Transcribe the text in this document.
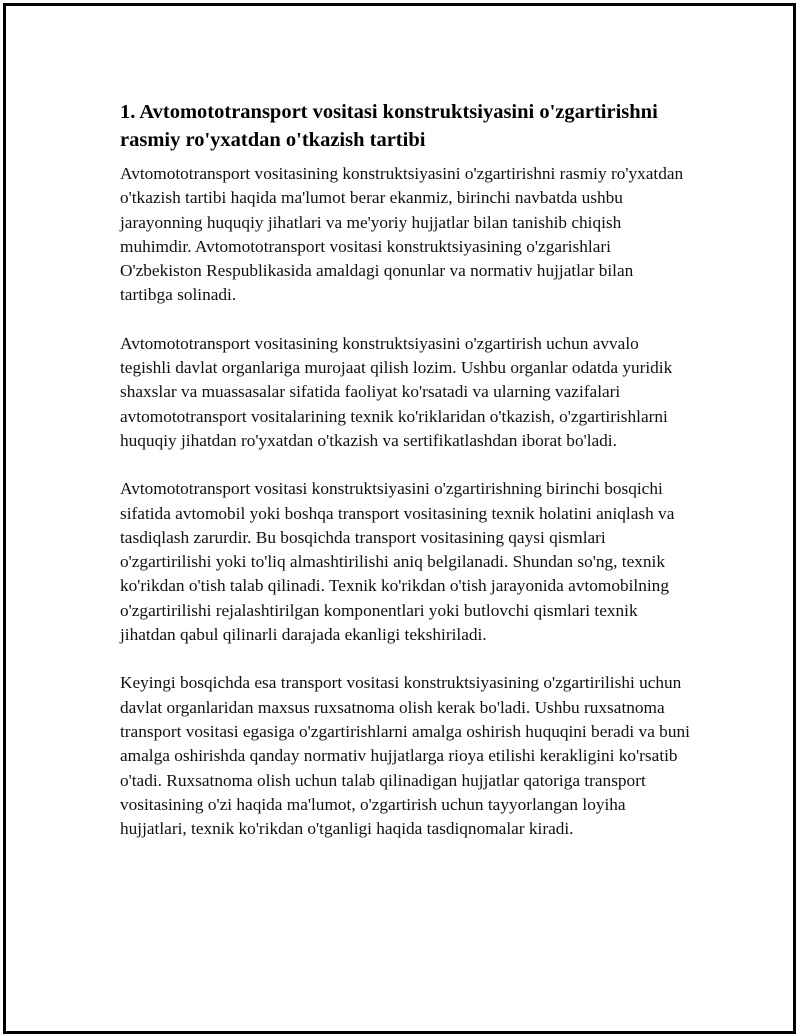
1. Avtomototransport vositasi konstruktsiyasini o'zgartirishni rasmiy ro'yxatdan o'tkazish tartibi

Avtomototransport vositasining konstruktsiyasini o'zgartirishni rasmiy ro'yxatdan o'tkazish tartibi haqida ma'lumot berar ekanmiz, birinchi navbatda ushbu jarayonning huquqiy jihatlari va me'yoriy hujjatlar bilan tanishib chiqish muhimdir. Avtomototransport vositasi konstruktsiyasining o'zgarishlari O'zbekiston Respublikasida amaldagi qonunlar va normativ hujjatlar bilan tartibga solinadi.

Avtomototransport vositasining konstruktsiyasini o'zgartirish uchun avvalo tegishli davlat organlariga murojaat qilish lozim. Ushbu organlar odatda yuridik shaxslar va muassasalar sifatida faoliyat ko'rsatadi va ularning vazifalari avtomototransport vositalarining texnik ko'riklaridan o'tkazish, o'zgartirishlarni huquqiy jihatdan ro'yxatdan o'tkazish va sertifikatlashdan iborat bo'ladi.

Avtomototransport vositasi konstruktsiyasini o'zgartirishning birinchi bosqichi sifatida avtomobil yoki boshqa transport vositasining texnik holatini aniqlash va tasdiqlash zarurdir. Bu bosqichda transport vositasining qaysi qismlari o'zgartirilishi yoki to'liq almashtirilishi aniq belgilanadi. Shundan so'ng, texnik ko'rikdan o'tish talab qilinadi. Texnik ko'rikdan o'tish jarayonida avtomobilning o'zgartirilishi rejalashtirilgan komponentlari yoki butlovchi qismlari texnik jihatdan qabul qilinarli darajada ekanligi tekshiriladi.

Keyingi bosqichda esa transport vositasi konstruktsiyasining o'zgartirilishi uchun davlat organlaridan maxsus ruxsatnoma olish kerak bo'ladi. Ushbu ruxsatnoma transport vositasi egasiga o'zgartirishlarni amalga oshirish huquqini beradi va buni amalga oshirishda qanday normativ hujjatlarga rioya etilishi kerakligini ko'rsatib o'tadi. Ruxsatnoma olish uchun talab qilinadigan hujjatlar qatoriga transport vositasining o'zi haqida ma'lumot, o'zgartirish uchun tayyorlangan loyiha hujjatlari, texnik ko'rikdan o'tganligi haqida tasdiqnomalar kiradi.
